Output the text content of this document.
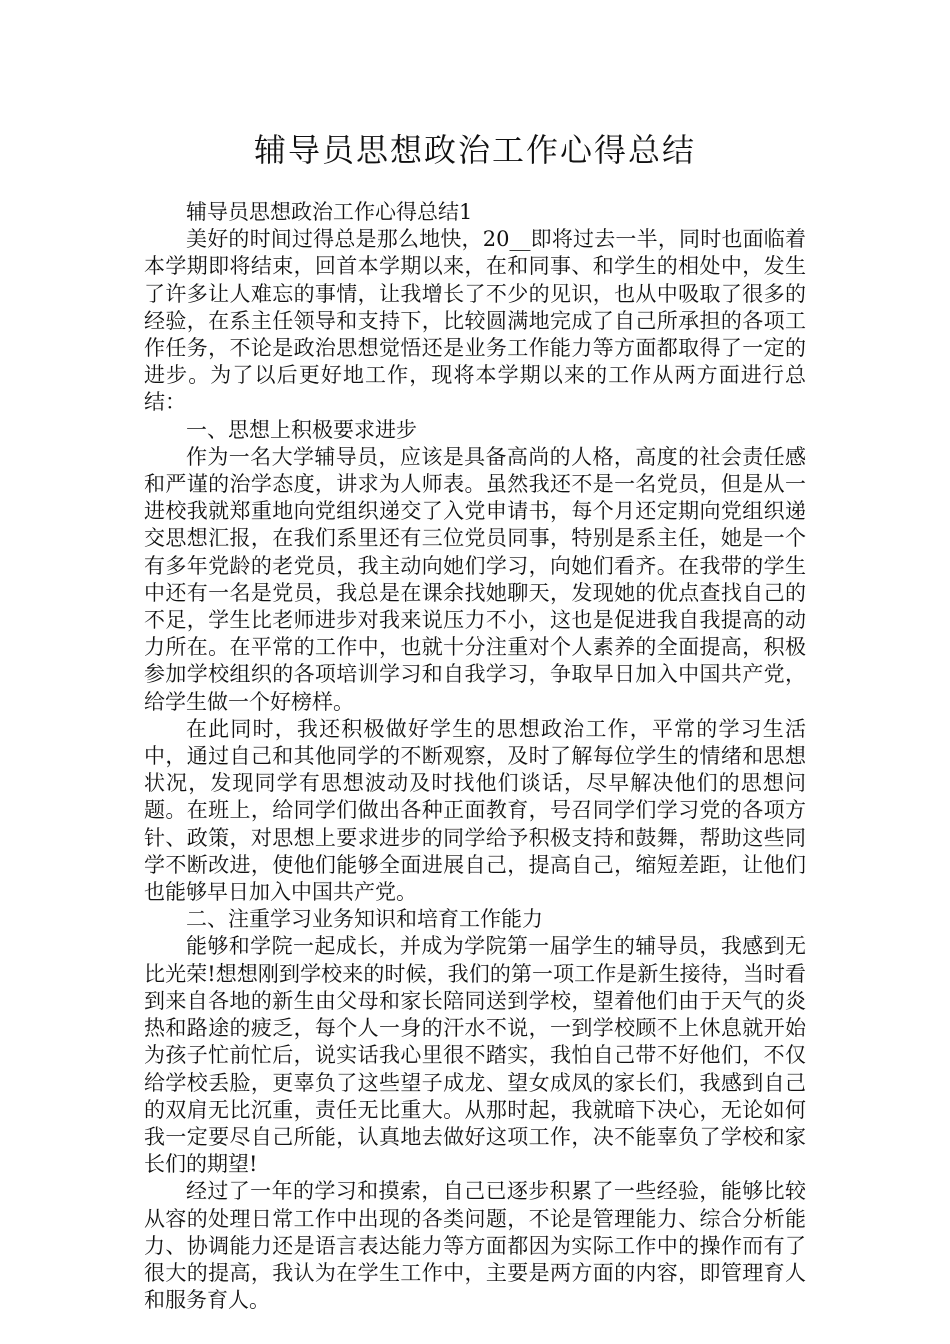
辅导员思想政治工作心得总结

辅导员思想政治工作心得总结1

美好的时间过得总是那么地快，20__即将过去一半，同时也面临着本学期即将结束，回首本学期以来，在和同事、和学生的相处中，发生了许多让人难忘的事情，让我增长了不少的见识，也从中吸取了很多的经验，在系主任领导和支持下，比较圆满地完成了自己所承担的各项工作任务，不论是政治思想觉悟还是业务工作能力等方面都取得了一定的进步。为了以后更好地工作，现将本学期以来的工作从两方面进行总结：

一、思想上积极要求进步

作为一名大学辅导员，应该是具备高尚的人格，高度的社会责任感和严谨的治学态度，讲求为人师表。虽然我还不是一名党员，但是从一进校我就郑重地向党组织递交了入党申请书，每个月还定期向党组织递交思想汇报，在我们系里还有三位党员同事，特别是系主任，她是一个有多年党龄的老党员，我主动向她们学习，向她们看齐。在我带的学生中还有一名是党员，我总是在课余找她聊天，发现她的优点查找自己的不足，学生比老师进步对我来说压力不小，这也是促进我自我提高的动力所在。在平常的工作中，也就十分注重对个人素养的全面提高，积极参加学校组织的各项培训学习和自我学习，争取早日加入中国共产党，给学生做一个好榜样。

在此同时，我还积极做好学生的思想政治工作，平常的学习生活中，通过自己和其他同学的不断观察，及时了解每位学生的情绪和思想状况，发现同学有思想波动及时找他们谈话，尽早解决他们的思想问题。在班上，给同学们做出各种正面教育，号召同学们学习党的各项方针、政策，对思想上要求进步的同学给予积极支持和鼓舞，帮助这些同学不断改进，使他们能够全面进展自己，提高自己，缩短差距，让他们也能够早日加入中国共产党。

二、注重学习业务知识和培育工作能力

能够和学院一起成长，并成为学院第一届学生的辅导员，我感到无比光荣!想想刚到学校来的时候，我们的第一项工作是新生接待，当时看到来自各地的新生由父母和家长陪同送到学校，望着他们由于天气的炎热和路途的疲乏，每个人一身的汗水不说，一到学校顾不上休息就开始为孩子忙前忙后，说实话我心里很不踏实，我怕自己带不好他们，不仅给学校丢脸，更辜负了这些望子成龙、望女成凤的家长们，我感到自己的双肩无比沉重，责任无比重大。从那时起，我就暗下决心，无论如何我一定要尽自己所能，认真地去做好这项工作，决不能辜负了学校和家长们的期望!

经过了一年的学习和摸索，自己已逐步积累了一些经验，能够比较从容的处理日常工作中出现的各类问题，不论是管理能力、综合分析能力、协调能力还是语言表达能力等方面都因为实际工作中的操作而有了很大的提高，我认为在学生工作中，主要是两方面的内容，即管理育人和服务育人。
